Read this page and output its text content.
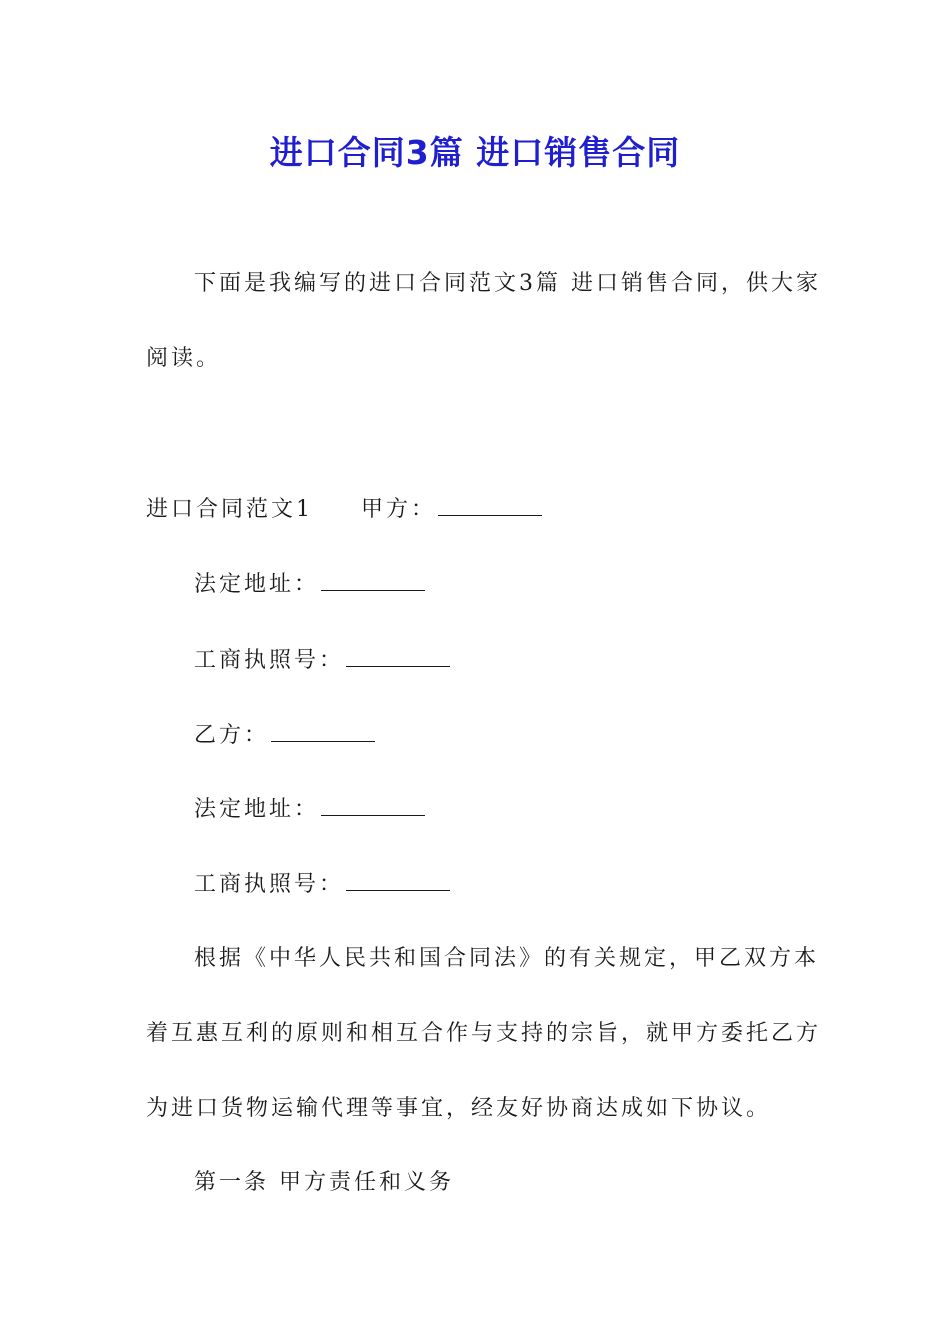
进口合同3篇 进口销售合同
下面是我编写的进口合同范文3篇 进口销售合同，供大家
阅读。
进口合同范文1 甲方：
法定地址：
工商执照号：
乙方：
法定地址：
工商执照号：
根据《中华人民共和国合同法》的有关规定，甲乙双方本
着互惠互利的原则和相互合作与支持的宗旨，就甲方委托乙方
为进口货物运输代理等事宜，经友好协商达成如下协议。
第一条 甲方责任和义务
